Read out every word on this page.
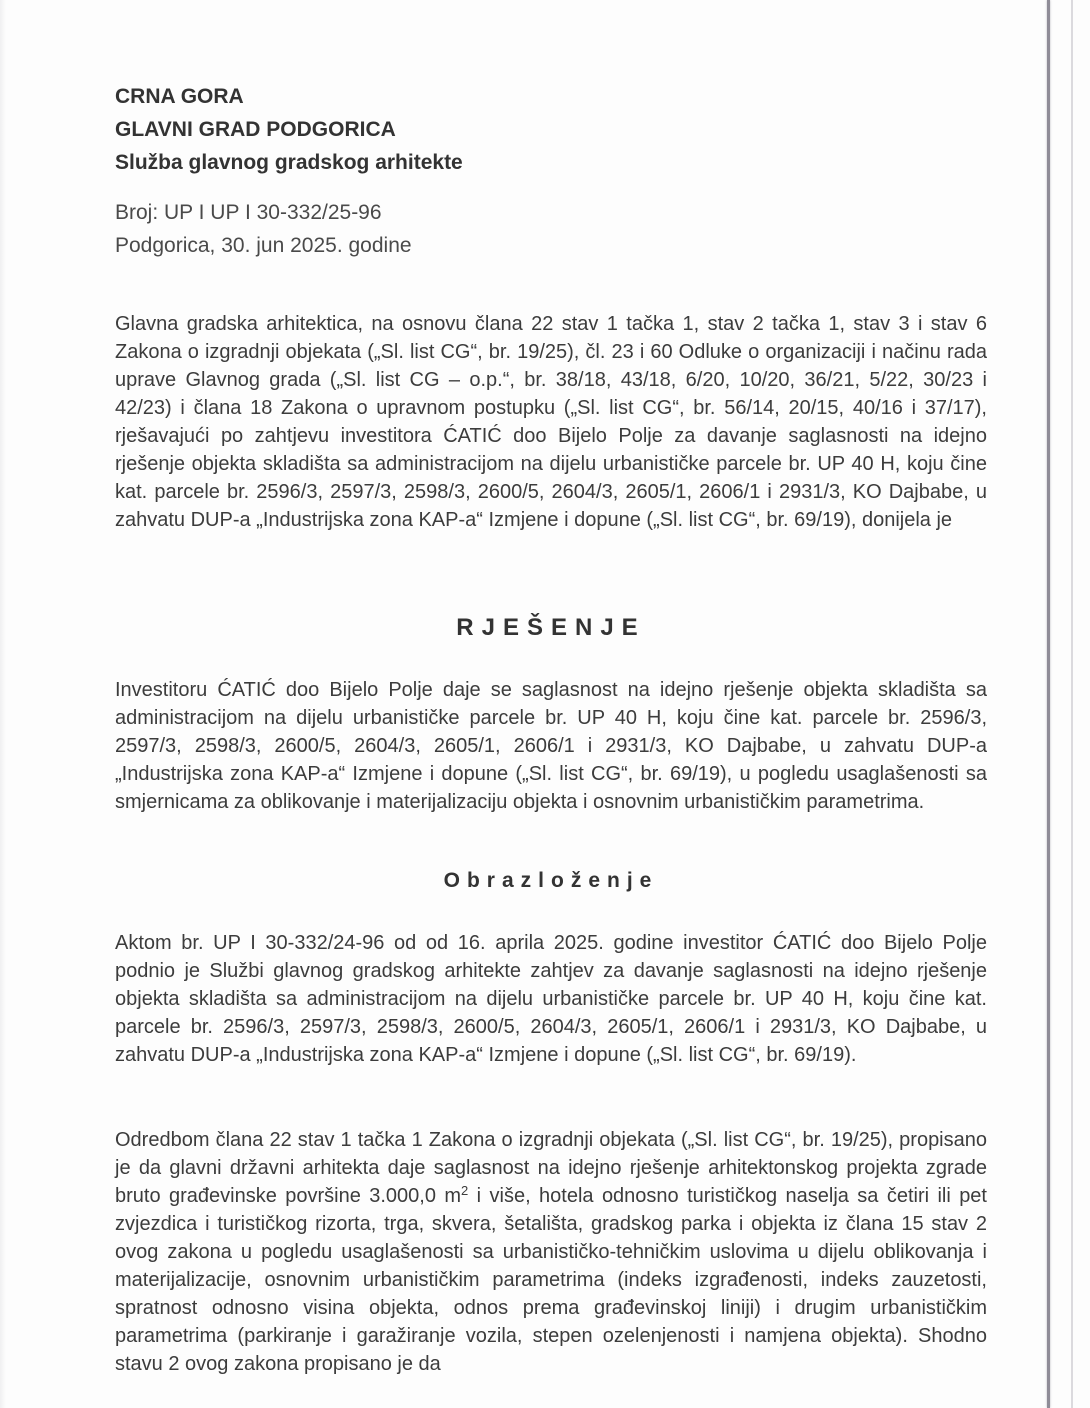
CRNA GORA
GLAVNI GRAD PODGORICA
Služba glavnog gradskog arhitekte
Broj: UP I UP I 30-332/25-96
Podgorica, 30. jun 2025. godine

Glavna gradska arhitektica, na osnovu člana 22 stav 1 tačka 1, stav 2 tačka 1, stav 3 i stav 6 Zakona o izgradnji objekata („Sl. list CG“, br. 19/25), čl. 23 i 60 Odluke o organizaciji i načinu rada uprave Glavnog grada („Sl. list CG – o.p.“, br. 38/18, 43/18, 6/20, 10/20, 36/21, 5/22, 30/23 i 42/23) i člana 18 Zakona o upravnom postupku („Sl. list CG“, br. 56/14, 20/15, 40/16 i 37/17), rješavajući po zahtjevu investitora ĆATIĆ doo Bijelo Polje za davanje saglasnosti na idejno rješenje objekta skladišta sa administracijom na dijelu urbanističke parcele br. UP 40 H, koju čine kat. parcele br. 2596/3, 2597/3, 2598/3, 2600/5, 2604/3, 2605/1, 2606/1 i 2931/3, KO Dajbabe, u zahvatu DUP-a „Industrijska zona KAP-a“ Izmjene i dopune („Sl. list CG“, br. 69/19), donijela je

RJEŠENJE

Investitoru ĆATIĆ doo Bijelo Polje daje se saglasnost na idejno rješenje objekta skladišta sa administracijom na dijelu urbanističke parcele br. UP 40 H, koju čine kat. parcele br. 2596/3, 2597/3, 2598/3, 2600/5, 2604/3, 2605/1, 2606/1 i 2931/3, KO Dajbabe, u zahvatu DUP-a „Industrijska zona KAP-a“ Izmjene i dopune („Sl. list CG“, br. 69/19), u pogledu usaglašenosti sa smjernicama za oblikovanje i materijalizaciju objekta i osnovnim urbanističkim parametrima.

Obrazloženje

Aktom br. UP I 30-332/24-96 od od 16. aprila 2025. godine investitor ĆATIĆ doo Bijelo Polje podnio je Službi glavnog gradskog arhitekte zahtjev za davanje saglasnosti na idejno rješenje objekta skladišta sa administracijom na dijelu urbanističke parcele br. UP 40 H, koju čine kat. parcele br. 2596/3, 2597/3, 2598/3, 2600/5, 2604/3, 2605/1, 2606/1 i 2931/3, KO Dajbabe, u zahvatu DUP-a „Industrijska zona KAP-a“ Izmjene i dopune („Sl. list CG“, br. 69/19).

Odredbom člana 22 stav 1 tačka 1 Zakona o izgradnji objekata („Sl. list CG“, br. 19/25), propisano je da glavni državni arhitekta daje saglasnost na idejno rješenje arhitektonskog projekta zgrade bruto građevinske površine 3.000,0 $m^2$ i više, hotela odnosno turističkog naselja sa četiri ili pet zvjezdica i turističkog rizorta, trga, skvera, šetališta, gradskog parka i objekta iz člana 15 stav 2 ovog zakona u pogledu usaglašenosti sa urbanističko-tehničkim uslovima u dijelu oblikovanja i materijalizacije, osnovnim urbanističkim parametrima (indeks izgrađenosti, indeks zauzetosti, spratnost odnosno visina objekta, odnos prema građevinskoj liniji) i drugim urbanističkim parametrima (parkiranje i garažiranje vozila, stepen ozelenjenosti i namjena objekta). Shodno stavu 2 ovog zakona propisano je da
